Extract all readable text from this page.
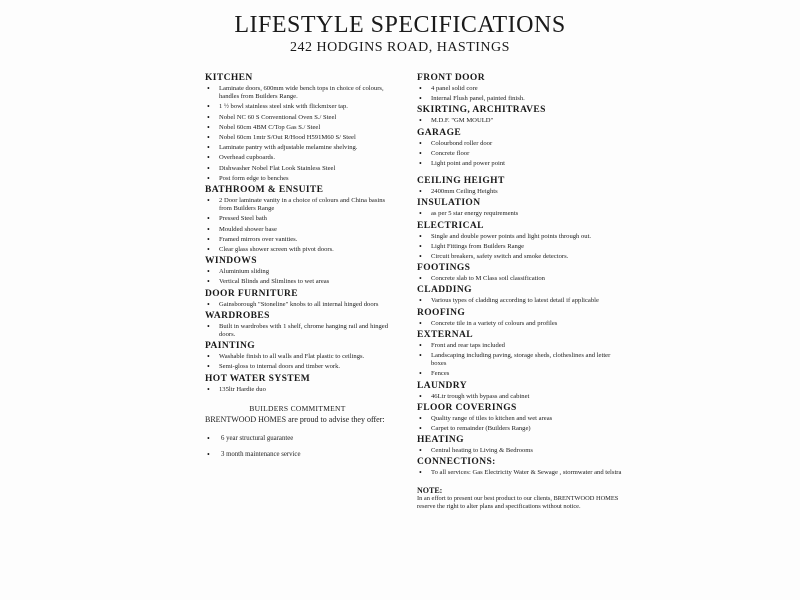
LIFESTYLE SPECIFICATIONS
242 HODGINS ROAD, HASTINGS
KITCHEN
• Laminate doors, 600mm wide bench tops in choice of colours, handles from Builders Range.
• 1 ½ bowl stainless steel sink with flickmixer tap.
• Nobel NC 60 S Conventional Oven S./ Steel
• Nobel 60cm 4BM C/Top Gas S./ Steel
• Nobel 60cm 1mtr S/Out R/Hood H591M60 S/ Steel
• Laminate pantry with adjustable melamine shelving.
• Overhead cupboards.
• Dishwasher Nobel Flat Look Stainless Steel
• Post form edge to benches
BATHROOM & ENSUITE
• 2 Door laminate vanity in a choice of colours and China basins from Builders Range
• Pressed Steel bath
• Moulded shower base
• Framed mirrors over vanities.
• Clear glass shower screen with pivot doors.
WINDOWS
• Aluminium sliding
• Vertical Blinds and Slimlines to wet areas
DOOR FURNITURE
• Gainsborough "Stoneline" knobs to all internal hinged doors
WARDROBES
• Built in wardrobes with 1 shelf, chrome hanging rail and hinged doors.
PAINTING
• Washable finish to all walls and Flat plastic to ceilings.
• Semi-gloss to internal doors and timber work.
HOT WATER SYSTEM
• 135ltr Hardie duo
BUILDERS COMMITMENT
BRENTWOOD HOMES are proud to advise they offer:
• 6 year structural guarantee
• 3 month maintenance service
FRONT DOOR
• 4 panel solid core
• Internal Flush panel, painted finish.
SKIRTING, ARCHITRAVES
• M.D.F. "GM MOULD"
GARAGE
• Colourbond roller door
• Concrete floor
• Light point and power point
CEILING HEIGHT
• 2400mm Ceiling Heights
INSULATION
• as per 5 star energy requirements
ELECTRICAL
• Single and double power points and light points through out.
• Light Fittings from Builders Range
• Circuit breakers, safety switch and smoke detectors.
FOOTINGS
• Concrete slab to M Class soil classification
CLADDING
• Various types of cladding according to latest detail if applicable
ROOFING
• Concrete tile in a variety of colours and profiles
EXTERNAL
• Front and rear taps included
• Landscaping including paving, storage sheds, clotheslines and letter boxes
• Fences
LAUNDRY
• 46Ltr trough with bypass and cabinet
FLOOR COVERINGS
• Quality range of tiles to kitchen and wet areas
• Carpet to remainder (Builders Range)
HEATING
• Central heating to Living & Bedrooms
CONNECTIONS:
• To all services: Gas Electricity Water & Sewage , stormwater and telstra
NOTE:
In an effort to present our best product to our clients, BRENTWOOD HOMES reserve the right to alter plans and specifications without notice.
